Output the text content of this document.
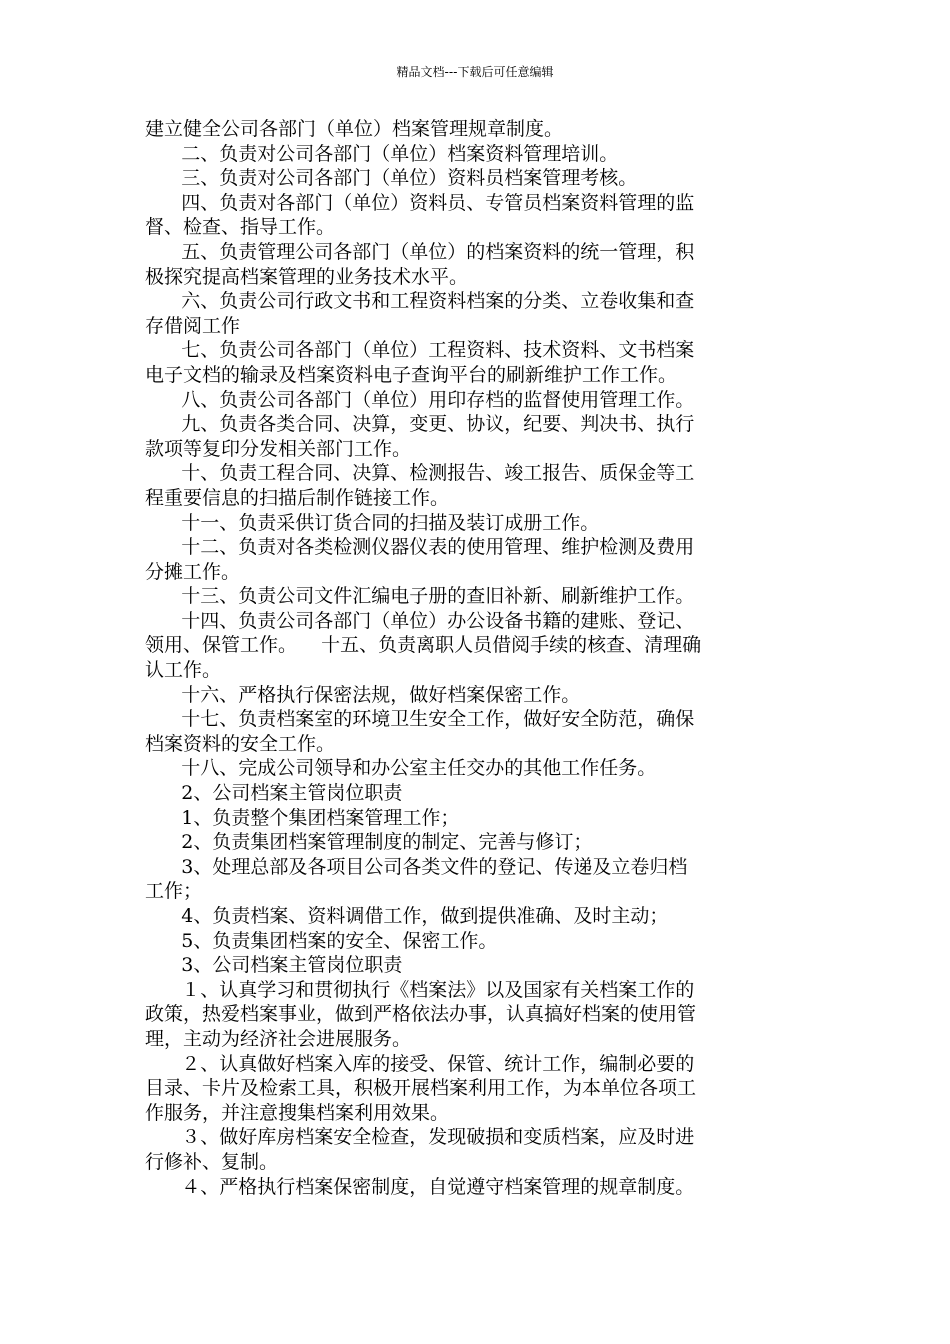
精品文档---下载后可任意编辑
建立健全公司各部门（单位）档案管理规章制度。
二、负责对公司各部门（单位）档案资料管理培训。
三、负责对公司各部门（单位）资料员档案管理考核。
四、负责对各部门（单位）资料员、专管员档案资料管理的监
督、检查、指导工作。
五、负责管理公司各部门（单位）的档案资料的统一管理，积
极探究提高档案管理的业务技术水平。
六、负责公司行政文书和工程资料档案的分类、立卷收集和查
存借阅工作
七、负责公司各部门（单位）工程资料、技术资料、文书档案
电子文档的输录及档案资料电子查询平台的刷新维护工作工作。
八、负责公司各部门（单位）用印存档的监督使用管理工作。
九、负责各类合同、决算，变更、协议，纪要、判决书、执行
款项等复印分发相关部门工作。
十、负责工程合同、决算、检测报告、竣工报告、质保金等工
程重要信息的扫描后制作链接工作。
十一、负责采供订货合同的扫描及装订成册工作。
十二、负责对各类检测仪器仪表的使用管理、维护检测及费用
分摊工作。
十三、负责公司文件汇编电子册的查旧补新、刷新维护工作。
十四、负责公司各部门（单位）办公设备书籍的建账、登记、
领用、保管工作。    十五、负责离职人员借阅手续的核查、清理确
认工作。
十六、严格执行保密法规，做好档案保密工作。
十七、负责档案室的环境卫生安全工作，做好安全防范，确保
档案资料的安全工作。
十八、完成公司领导和办公室主任交办的其他工作任务。
2、公司档案主管岗位职责
1、负责整个集团档案管理工作；
2、负责集团档案管理制度的制定、完善与修订；
3、处理总部及各项目公司各类文件的登记、传递及立卷归档
工作；
4、负责档案、资料调借工作，做到提供准确、及时主动；
5、负责集团档案的安全、保密工作。
3、公司档案主管岗位职责
１、认真学习和贯彻执行《档案法》以及国家有关档案工作的
政策，热爱档案事业，做到严格依法办事，认真搞好档案的使用管
理，主动为经济社会进展服务。
２、认真做好档案入库的接受、保管、统计工作，编制必要的
目录、卡片及检索工具，积极开展档案利用工作，为本单位各项工
作服务，并注意搜集档案利用效果。
３、做好库房档案安全检查，发现破损和变质档案，应及时进
行修补、复制。
４、严格执行档案保密制度，自觉遵守档案管理的规章制度。
